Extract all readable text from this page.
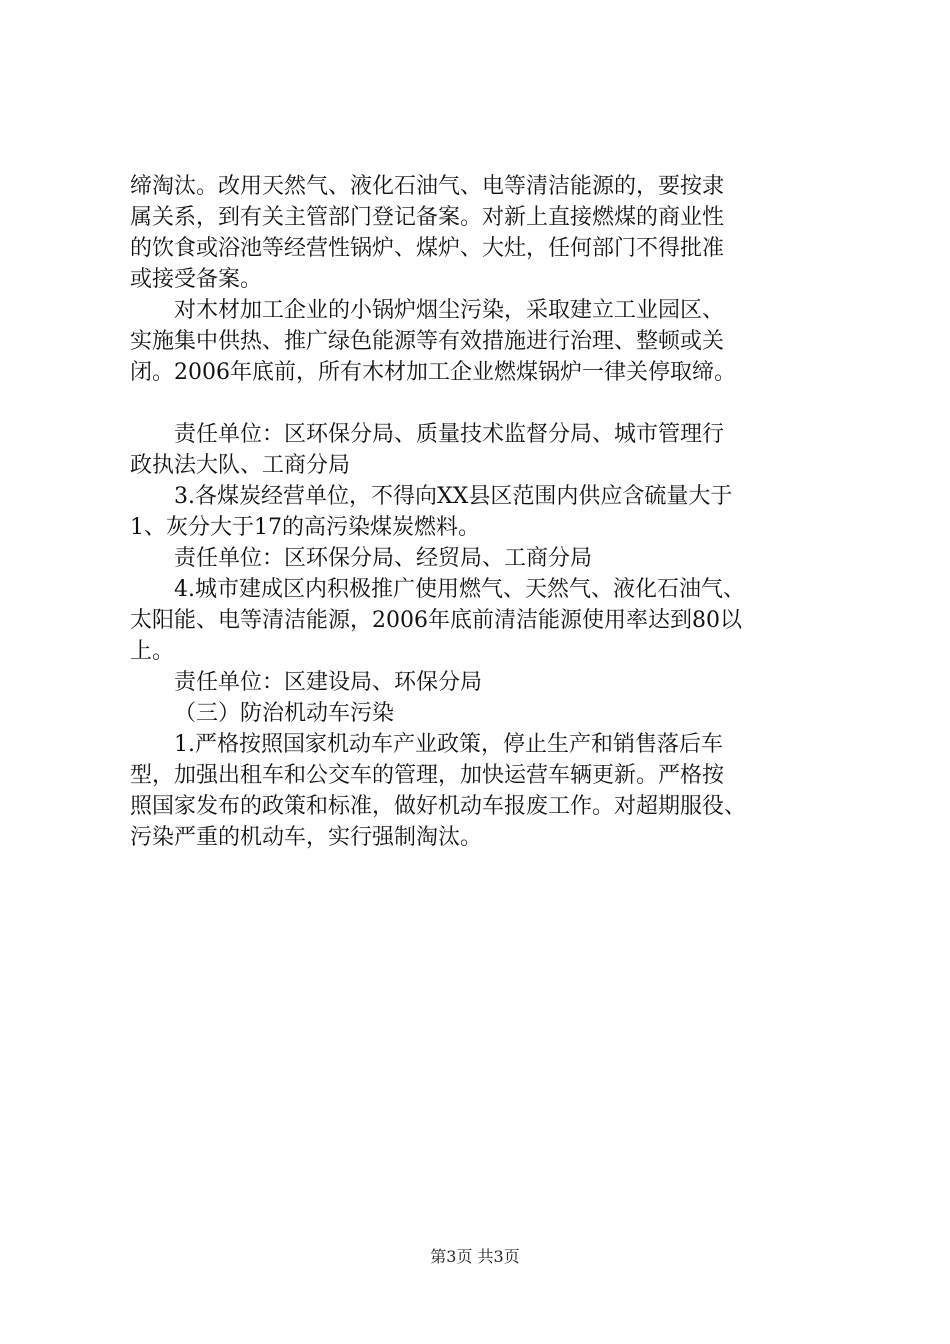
缔淘汰。改用天然气、液化石油气、电等清洁能源的，要按隶

属关系，到有关主管部门登记备案。对新上直接燃煤的商业性

的饮食或浴池等经营性锅炉、煤炉、大灶，任何部门不得批准

或接受备案。

对木材加工企业的小锅炉烟尘污染，采取建立工业园区、

实施集中供热、推广绿色能源等有效措施进行治理、整顿或关

闭。2006年底前，所有木材加工企业燃煤锅炉一律关停取缔。

责任单位：区环保分局、质量技术监督分局、城市管理行

政执法大队、工商分局

3.各煤炭经营单位，不得向XX县区范围内供应含硫量大于

1、灰分大于17的高污染煤炭燃料。

责任单位：区环保分局、经贸局、工商分局

4.城市建成区内积极推广使用燃气、天然气、液化石油气、

太阳能、电等清洁能源，2006年底前清洁能源使用率达到80以

上。

责任单位：区建设局、环保分局

（三）防治机动车污染

1.严格按照国家机动车产业政策，停止生产和销售落后车

型，加强出租车和公交车的管理，加快运营车辆更新。严格按

照国家发布的政策和标准，做好机动车报废工作。对超期服役、

污染严重的机动车，实行强制淘汰。

第3页 共3页
